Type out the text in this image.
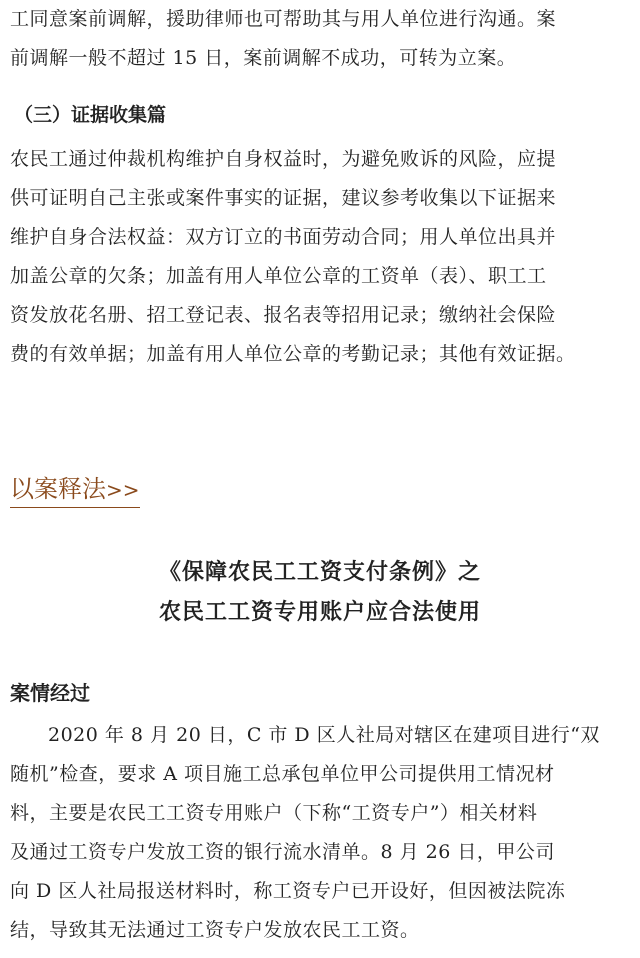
工同意案前调解，援助律师也可帮助其与用人单位进行沟通。案
前调解一般不超过 15 日，案前调解不成功，可转为立案。

（三）证据收集篇

农民工通过仲裁机构维护自身权益时，为避免败诉的风险，应提
供可证明自己主张或案件事实的证据，建议参考收集以下证据来
维护自身合法权益：双方订立的书面劳动合同；用人单位出具并
加盖公章的欠条；加盖有用人单位公章的工资单（表）、职工工
资发放花名册、招工登记表、报名表等招用记录；缴纳社会保险
费的有效单据；加盖有用人单位公章的考勤记录；其他有效证据。

以案释法>>
《保障农民工工资支付条例》之
农民工工资专用账户应合法使用
案情经过

2020 年 8 月 20 日，C 市 D 区人社局对辖区在建项目进行“双
随机”检查，要求 A 项目施工总承包单位甲公司提供用工情况材
料，主要是农民工工资专用账户（下称“工资专户”）相关材料
及通过工资专户发放工资的银行流水清单。8 月 26 日，甲公司
向 D 区人社局报送材料时，称工资专户已开设好，但因被法院冻
结，导致其无法通过工资专户发放农民工工资。
